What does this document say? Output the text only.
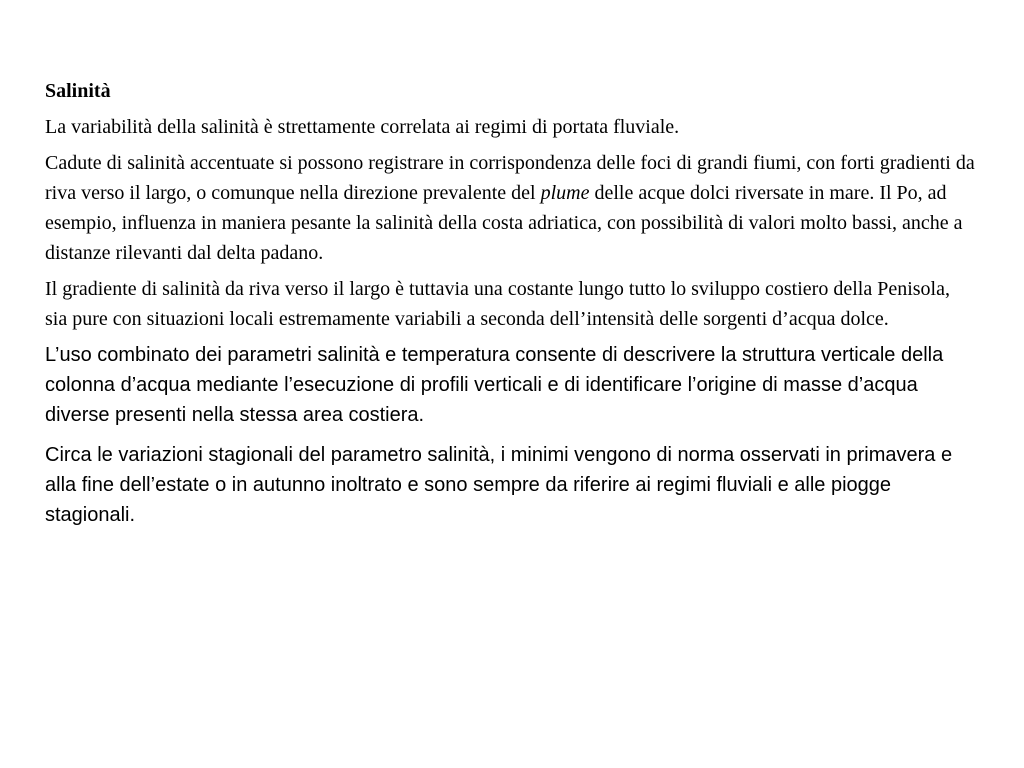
Salinità

La variabilità della salinità è strettamente correlata ai regimi di portata fluviale.

Cadute di salinità accentuate si possono registrare in corrispondenza delle foci di grandi fiumi, con forti gradienti da riva verso il largo, o comunque nella direzione prevalente del plume delle acque dolci riversate in mare. Il Po, ad esempio, influenza in maniera pesante la salinità della costa adriatica, con possibilità di valori molto bassi, anche a distanze rilevanti dal delta padano.

Il gradiente di salinità da riva verso il largo è tuttavia una costante lungo tutto lo sviluppo costiero della Penisola, sia pure con situazioni locali estremamente variabili a seconda dell’intensità delle sorgenti d’acqua dolce.

L’uso combinato dei parametri salinità e temperatura consente di descrivere la struttura verticale della colonna d’acqua mediante l’esecuzione di profili verticali e di identificare l’origine di masse d’acqua diverse presenti nella stessa area costiera.

Circa le variazioni stagionali del parametro salinità, i minimi vengono di norma osservati in primavera e alla fine dell’estate o in autunno inoltrato e sono sempre da riferire ai regimi fluviali e alle piogge stagionali.
